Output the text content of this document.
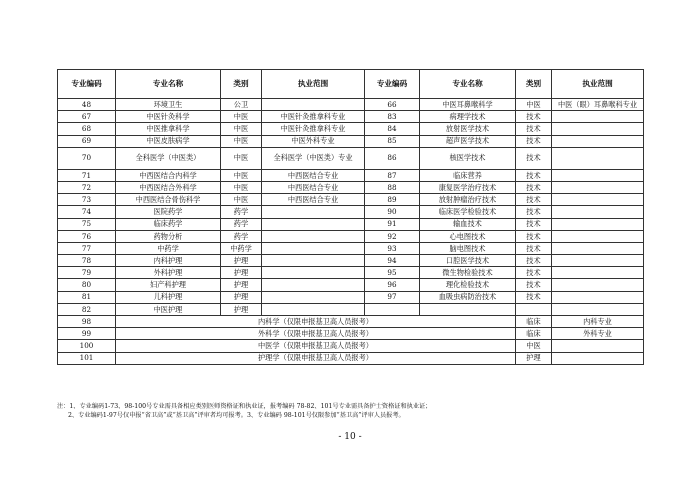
专业编码	专业名称	类别	执业范围	专业编码	专业名称	类别	执业范围
48	环境卫生	公卫		66	中医耳鼻喉科学	中医	中医（眼）耳鼻喉科专业
67	中医针灸科学	中医	中医针灸推拿科专业	83	病理学技术	技术	
68	中医推拿科学	中医	中医针灸推拿科专业	84	放射医学技术	技术	
69	中医皮肤病学	中医	中医外科专业	85	超声医学技术	技术	
70	全科医学（中医类）	中医	全科医学（中医类）专业	86	核医学技术	技术	
71	中西医结合内科学	中医	中西医结合专业	87	临床营养	技术	
72	中西医结合外科学	中医	中西医结合专业	88	康复医学治疗技术	技术	
73	中西医结合骨伤科学	中医	中西医结合专业	89	放射肿瘤治疗技术	技术	
74	医院药学	药学		90	临床医学检验技术	技术	
75	临床药学	药学		91	输血技术	技术	
76	药物分析	药学		92	心电图技术	技术	
77	中药学	中药学		93	脑电图技术	技术	
78	内科护理	护理		94	口腔医学技术	技术	
79	外科护理	护理		95	微生物检验技术	技术	
80	妇产科护理	护理		96	理化检验技术	技术	
81	儿科护理	护理		97	血吸虫病防治技术	技术	
82	中医护理	护理					
98	内科学（仅限申报基卫高人员报考）					临床	内科专业
99	外科学（仅限申报基卫高人员报考）					临床	外科专业
100	中医学（仅限申报基卫高人员报考）					中医	
101	护理学（仅限申报基卫高人员报考）					护理	
注：1、专业编码1-73、98-100号专业需具备相应类别医师资格证和执业证，报考编码 78-82、101号专业需具备护士资格证和执业证；
2、专业编码1-97号仅申报“省卫高”或“基卫高”评审者均可报考。3、专业编码 98-101号仅限参加“基卫高”评审人员报考。
- 10 -
